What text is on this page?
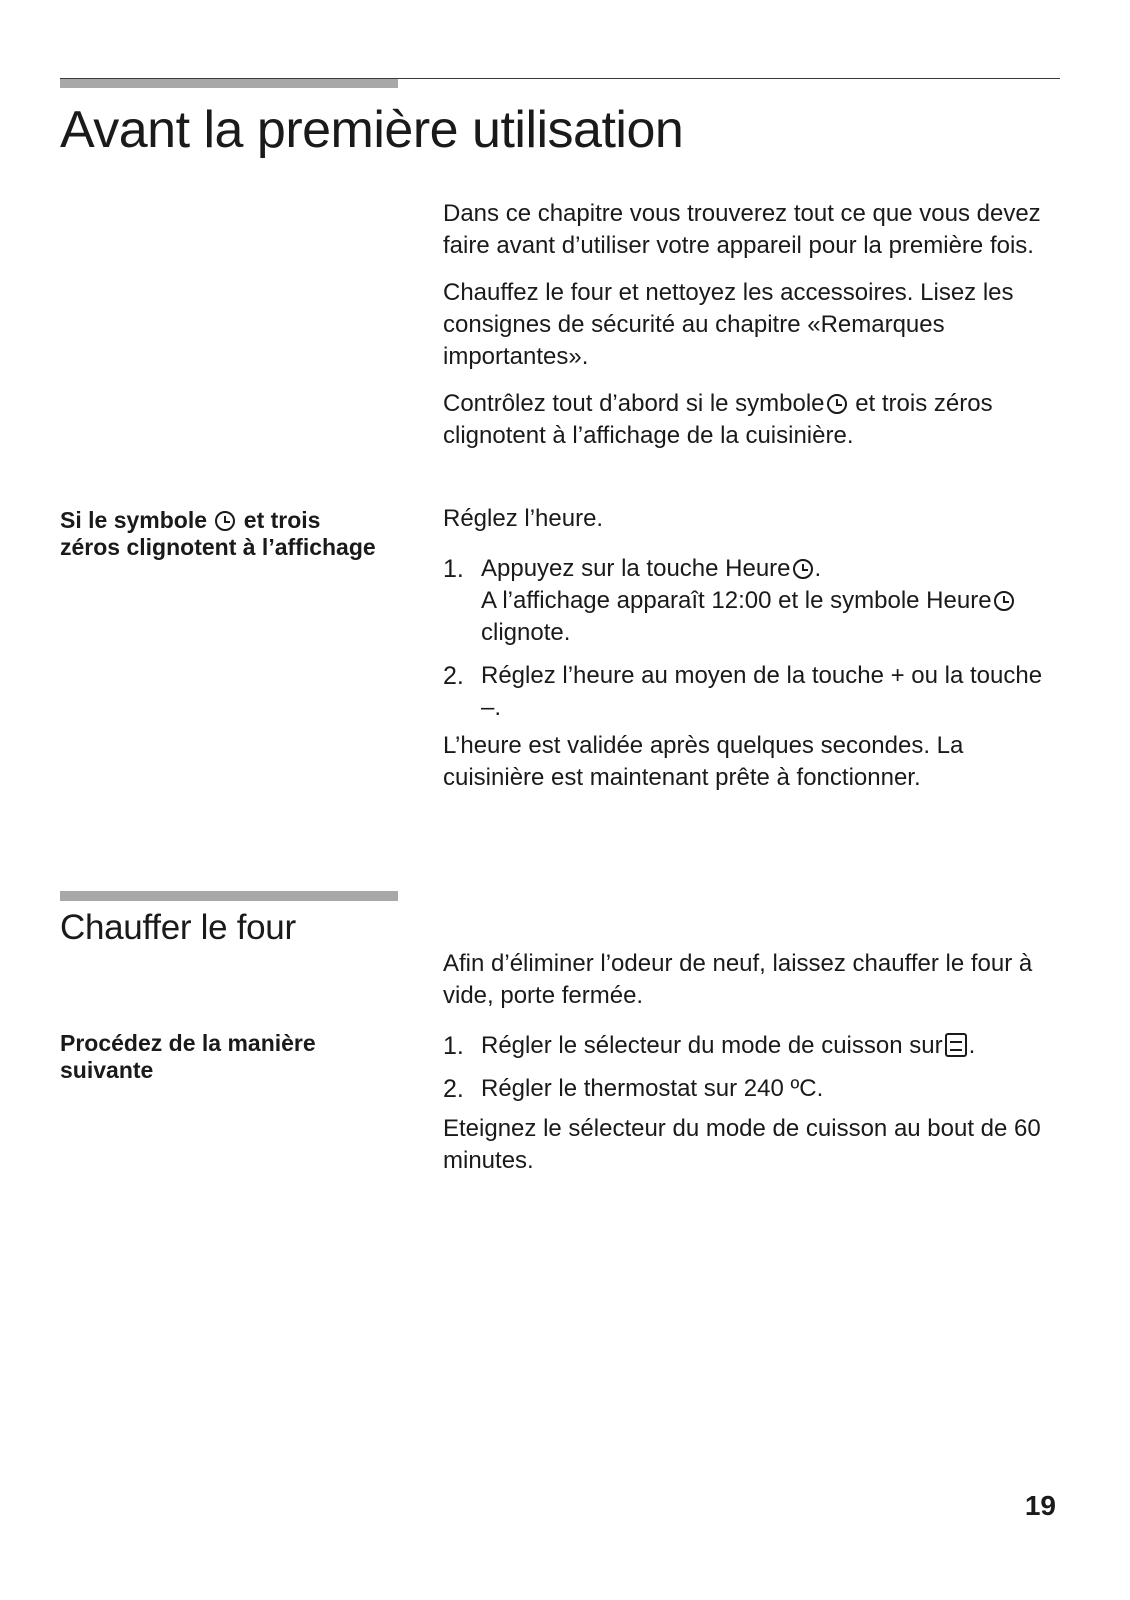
Avant la première utilisation

Dans ce chapitre vous trouverez tout ce que vous devez faire avant d’utiliser votre appareil pour la première fois.

Chauffez le four et nettoyez les accessoires. Lisez les consignes de sécurité au chapitre «Remarques importantes».

Contrôlez tout d’abord si le symbole et trois zéros clignotent à l’affichage de la cuisinière.

Si le symbole  et trois zéros clignotent à l’affichage

Réglez l’heure.

1. Appuyez sur la touche Heure .
A l’affichage apparaît 12:00 et le symbole Heure clignote.
2. Réglez l’heure au moyen de la touche + ou la touche –.

L’heure est validée après quelques secondes. La cuisinière est maintenant prête à fonctionner.

Chauffer le four

Afin d’éliminer l’odeur de neuf, laissez chauffer le four à vide, porte fermée.

Procédez de la manière suivante
1. Régler le sélecteur du mode de cuisson sur .
2. Régler le thermostat sur 240 ºC.

Eteignez le sélecteur du mode de cuisson au bout de 60 minutes.

19
